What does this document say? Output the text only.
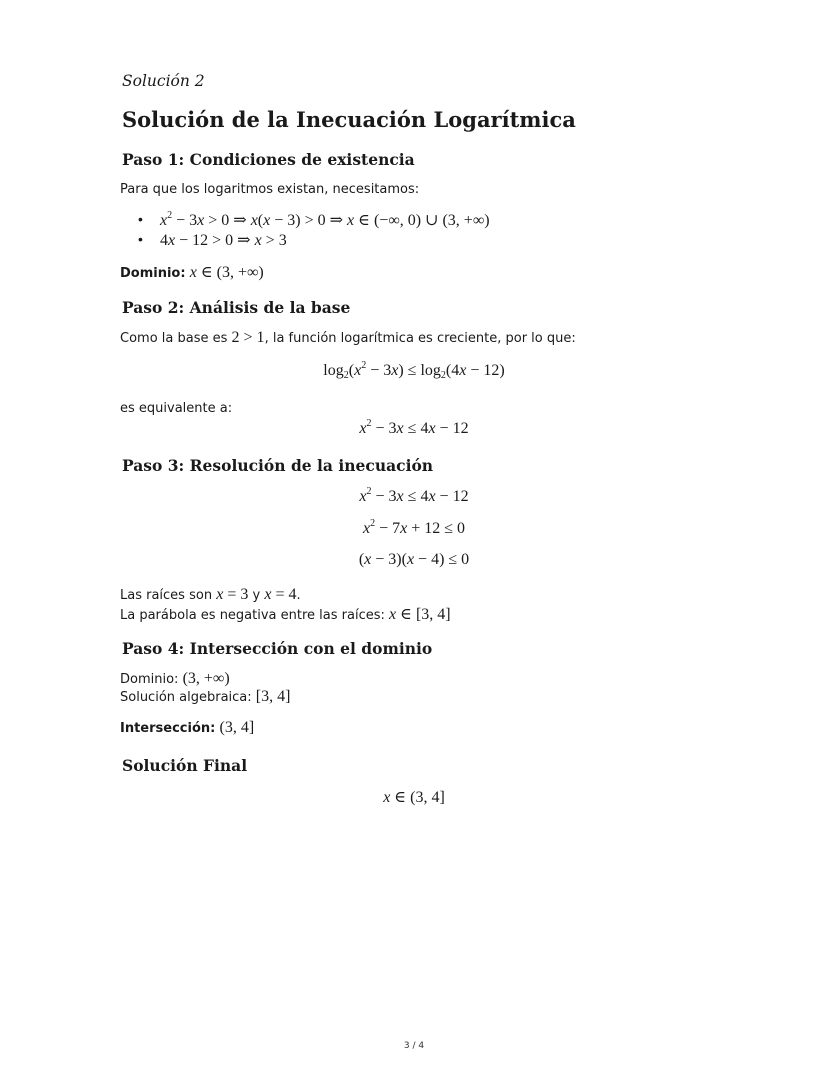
Solución 2
Solución de la Inecuación Logarítmica
Paso 1: Condiciones de existencia
Para que los logaritmos existan, necesitamos:
• $x^2 - 3x > 0$ ⇒ x(x − 3) > 0 ⇒ x ∈ (−∞, 0) ∪ (3, +∞)
• 4x − 12 > 0 ⇒ x > 3
Dominio: x ∈ (3, +∞)
Paso 2: Análisis de la base
Como la base es 2 > 1, la función logarítmica es creciente, por lo que:
$\log_2(x^2 - 3x) \le \log_2(4x - 12)$
es equivalente a:
$x^2 - 3x \le 4x - 12$
Paso 3: Resolución de la inecuación
$x^2 - 3x \le 4x - 12$
$x^2 - 7x + 12 \le 0$
(x − 3)(x − 4) ≤ 0
Las raíces son x = 3 y x = 4.
La parábola es negativa entre las raíces: x ∈ [3, 4]
Paso 4: Intersección con el dominio
Dominio: (3, +∞)
Solución algebraica: [3, 4]
Intersección: (3, 4]
Solución Final
x ∈ (3, 4]
3 / 4
